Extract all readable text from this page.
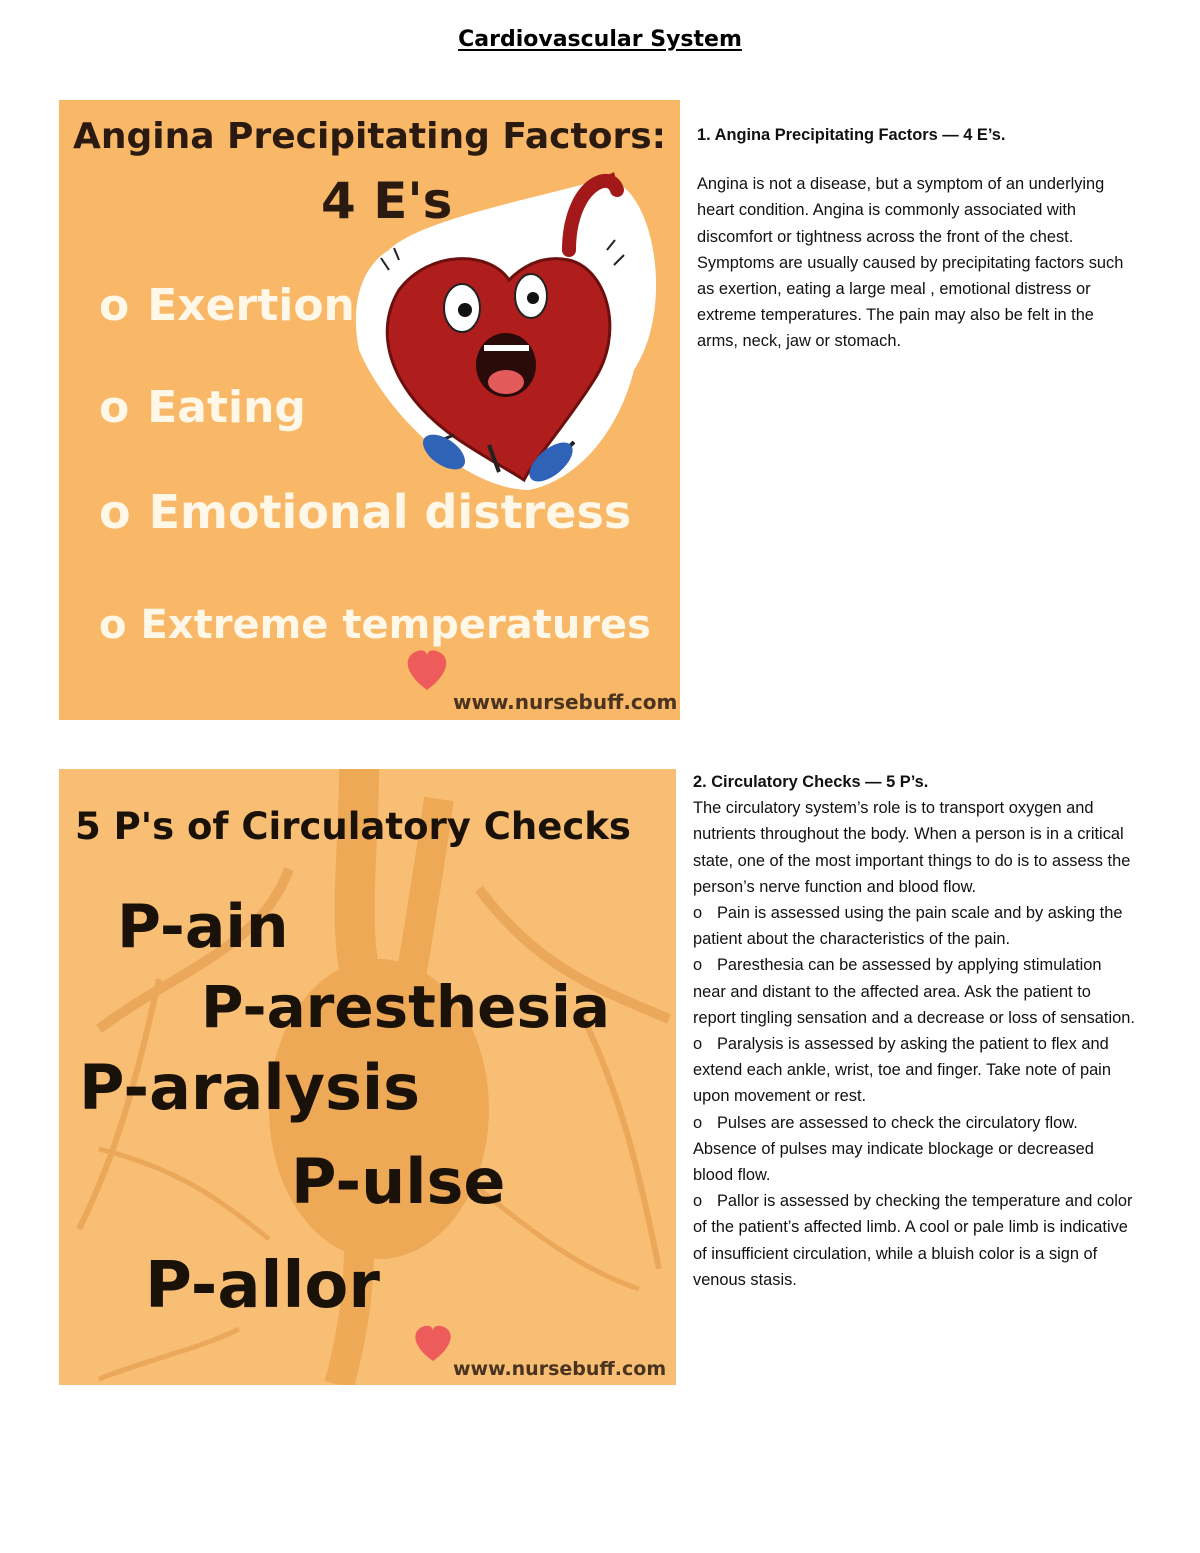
Cardiovascular System
Angina Precipitating Factors:
4 E's
o Exertion
o Eating
o Emotional distress
o Extreme temperatures
www.nursebuff.com

1. Angina Precipitating Factors — 4 E’s.

Angina is not a disease, but a symptom of an underlying heart condition. Angina is commonly associated with discomfort or tightness across the front of the chest.

Symptoms are usually caused by precipitating factors such as exertion, eating a large meal , emotional distress or extreme temperatures. The pain may also be felt in the arms, neck, jaw or stomach.

5 P's of Circulatory Checks
P-ain
P-aresthesia
P-aralysis
P-ulse
P-allor
www.nursebuff.com

2. Circulatory Checks — 5 P’s.

The circulatory system’s role is to transport oxygen and nutrients throughout the body. When a person is in a critical state, one of the most important things to do is to assess the person’s nerve function and blood flow.

o Pain is assessed using the pain scale and by asking the patient about the characteristics of the pain.

o Paresthesia can be assessed by applying stimulation near and distant to the affected area. Ask the patient to report tingling sensation and a decrease or loss of sensation.

o Paralysis is assessed by asking the patient to flex and extend each ankle, wrist, toe and finger. Take note of pain upon movement or rest.

o Pulses are assessed to check the circulatory flow. Absence of pulses may indicate blockage or decreased blood flow.

o Pallor is assessed by checking the temperature and color of the patient’s affected limb. A cool or pale limb is indicative of insufficient circulation, while a bluish color is a sign of venous stasis.
